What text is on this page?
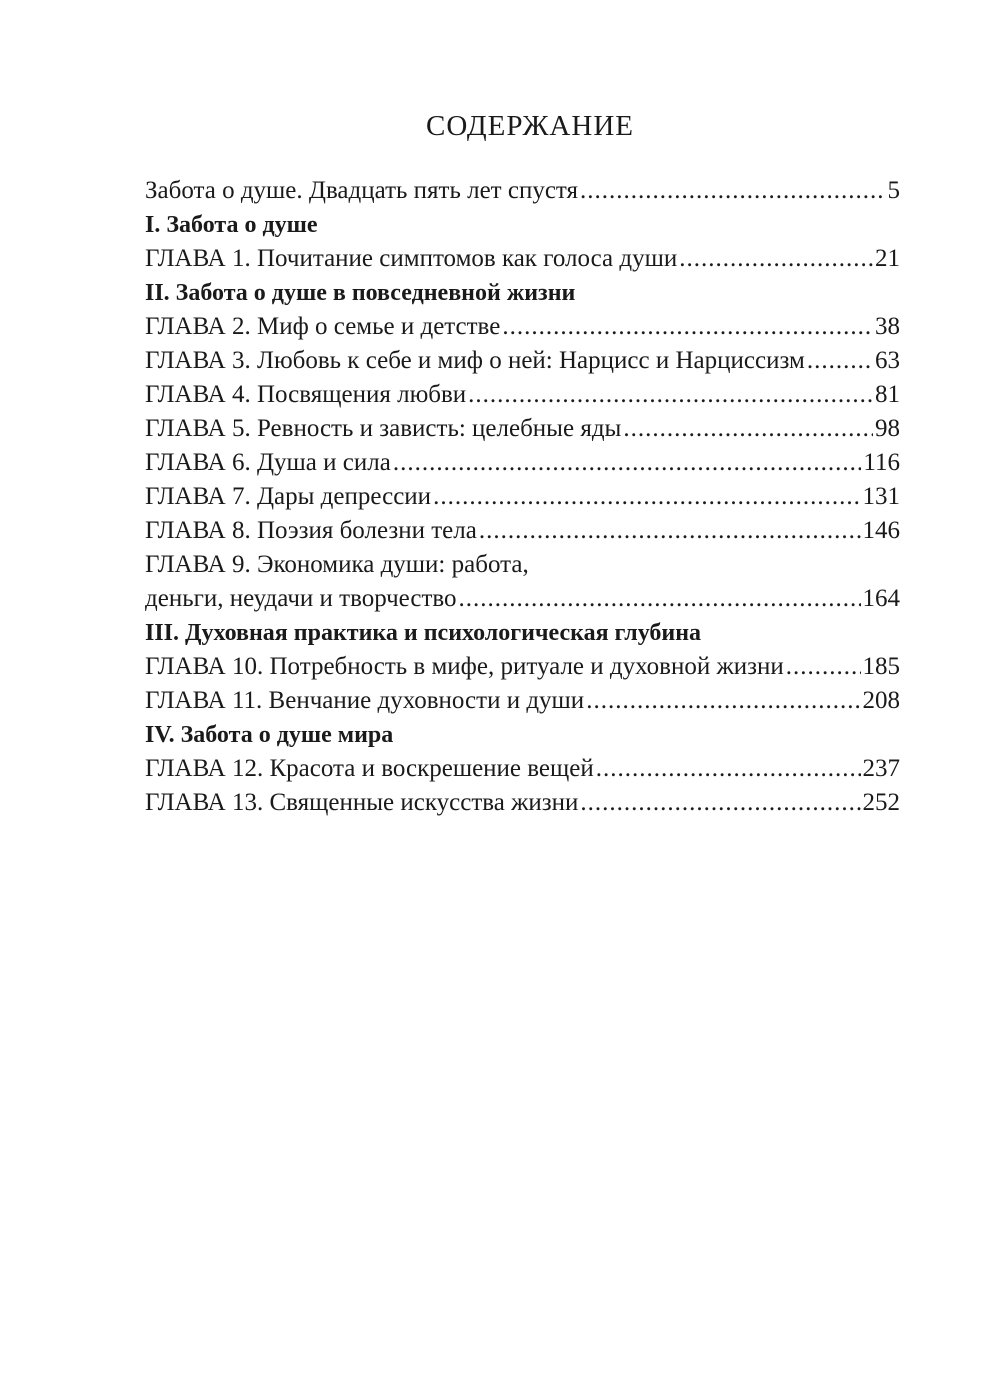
СОДЕРЖАНИЕ
Забота о душе. Двадцать пять лет спустя .....	5
I. Забота о душе
ГЛАВА 1. Почитание симптомов как голоса души .....	21
II. Забота о душе в повседневной жизни
ГЛАВА 2. Миф о семье и детстве .....	38
ГЛАВА 3. Любовь к себе и миф о ней: Нарцисс и Нарциссизм .....	63
ГЛАВА 4. Посвящения любви .....	81
ГЛАВА 5. Ревность и зависть: целебные яды .....	98
ГЛАВА 6. Душа и сила .....	116
ГЛАВА 7. Дары депрессии .....	131
ГЛАВА 8. Поэзия болезни тела .....	146
ГЛАВА 9. Экономика души: работа,
деньги, неудачи и творчество .....	164
III. Духовная практика и психологическая глубина
ГЛАВА 10. Потребность в мифе, ритуале и духовной жизни .....	185
ГЛАВА 11. Венчание духовности и души .....	208
IV. Забота о душе мира
ГЛАВА 12. Красота и воскрешение вещей .....	237
ГЛАВА 13. Священные искусства жизни .....	252
